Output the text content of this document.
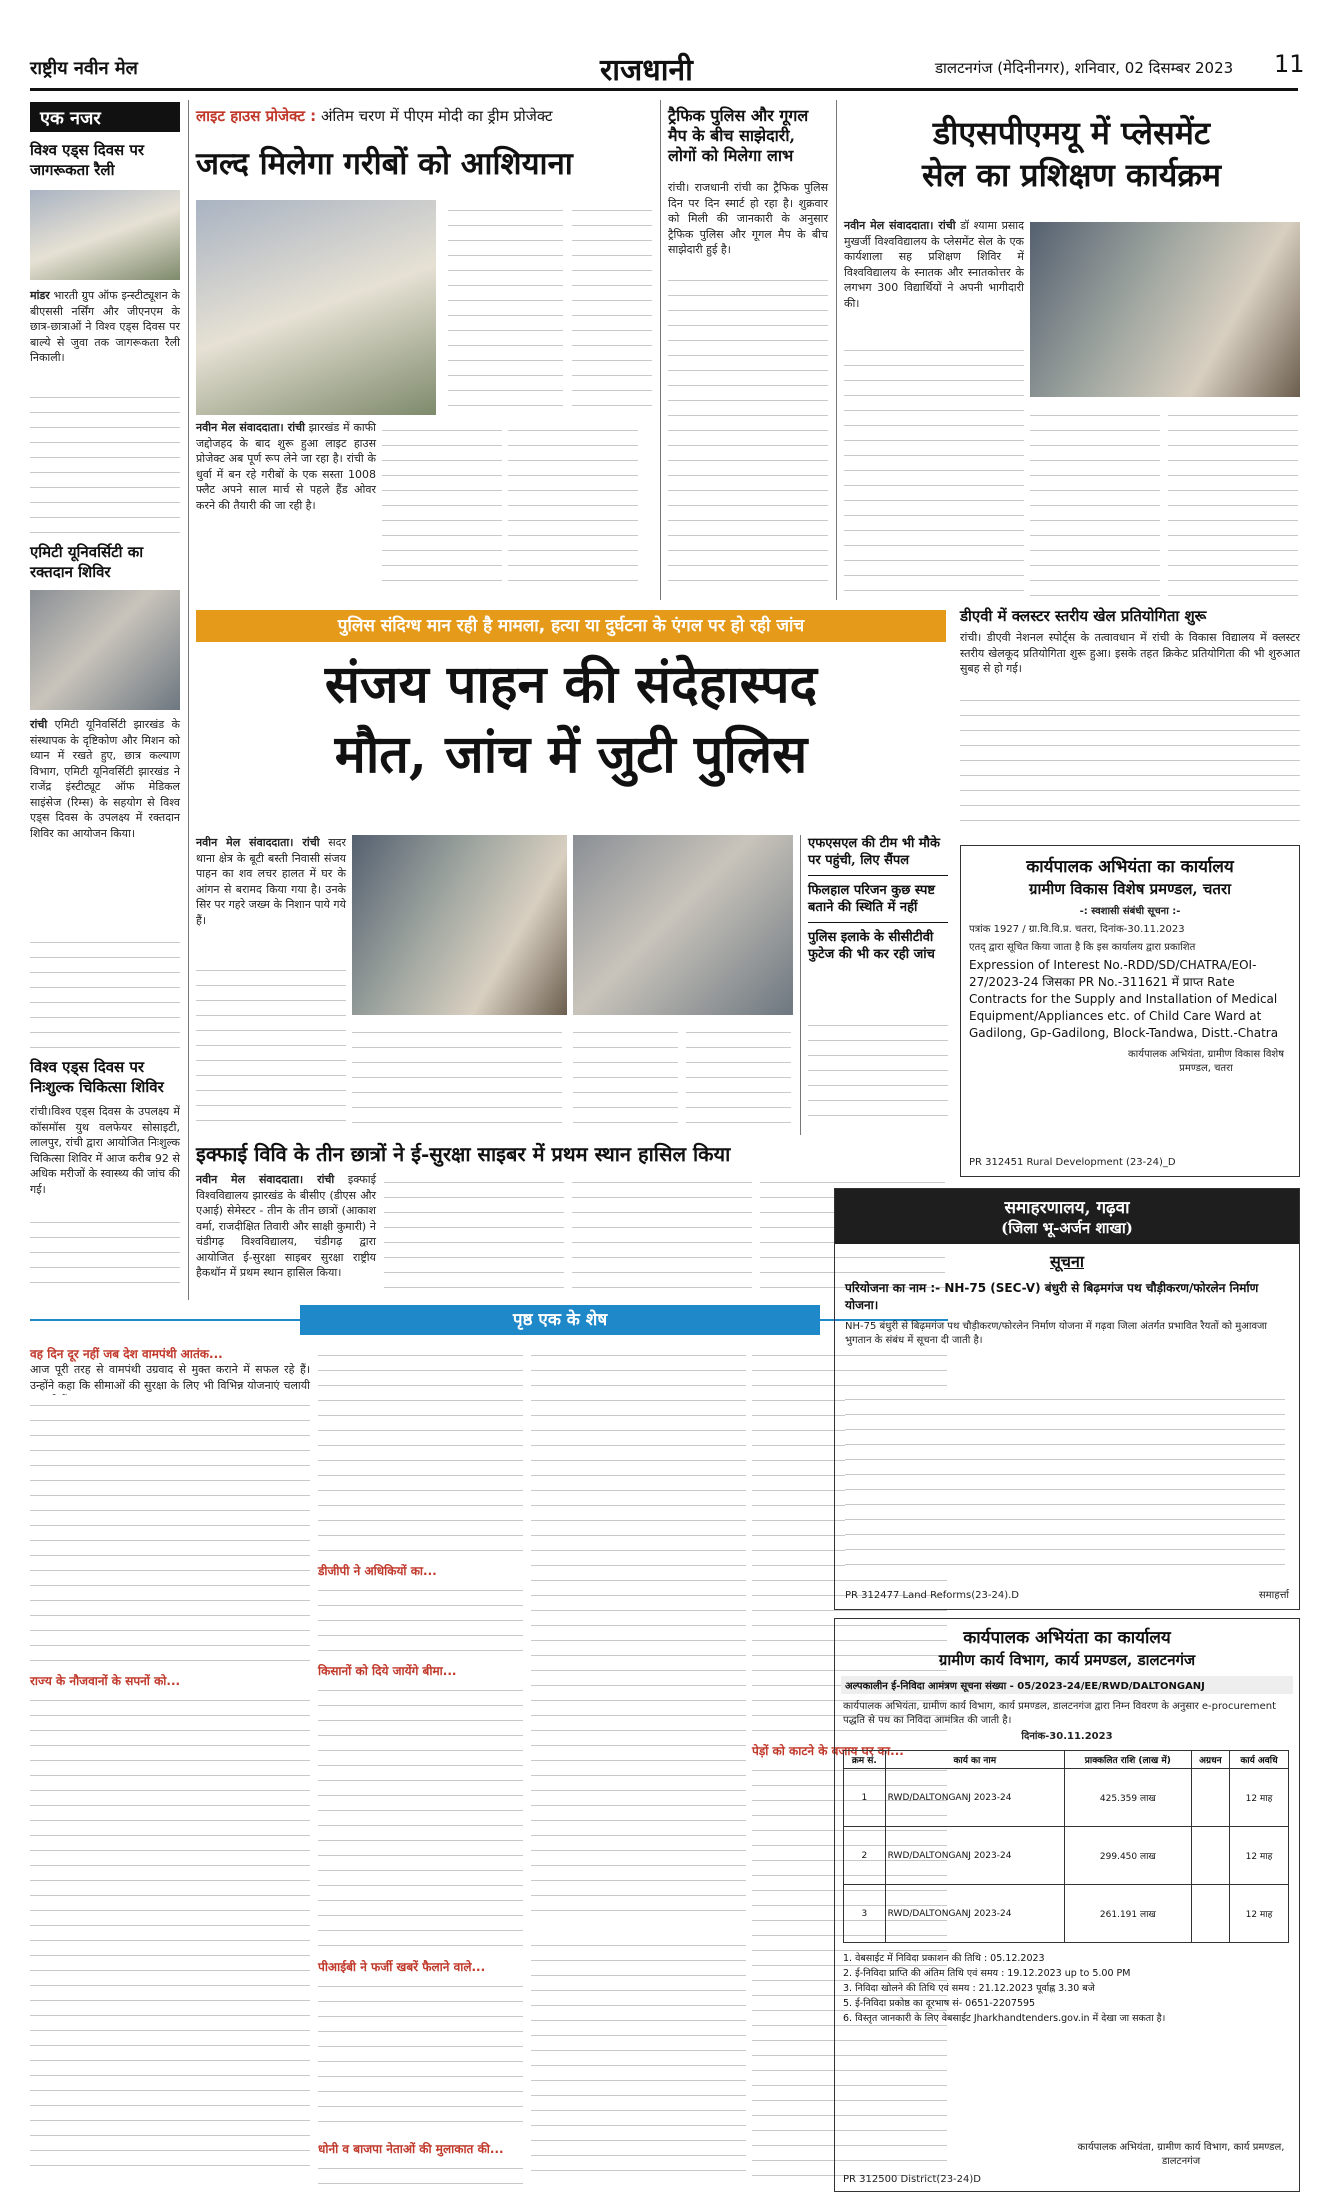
राष्ट्रीय नवीन मेल	राजधानी	डालटनगंज (मेदिनीनगर), शनिवार, 02 दिसम्बर 2023 11
एक नजर
विश्व एड्स दिवस पर जागरूकता रैली
मांडर भारती ग्रुप ऑफ इन्स्टीट्यूशन के बीएससी नर्सिंग और जीएनएम के छात्र-छात्राओं ने विश्व एड्स दिवस पर बाल्ये से जुवा तक जागरूकता रैली निकाली।
एमिटी यूनिवर्सिटी का रक्तदान शिविर
रांची एमिटी यूनिवर्सिटी झारखंड के संस्थापक के दृष्टिकोण और मिशन को ध्यान में रखते हुए, छात्र कल्याण विभाग, एमिटी यूनिवर्सिटी झारखंड ने राजेंद्र इंस्टीट्यूट ऑफ मेडिकल साइंसेज (रिम्स) के सहयोग से विश्व एड्स दिवस के उपलक्ष्य में रक्तदान शिविर का आयोजन किया।
विश्व एड्स दिवस पर निःशुल्क चिकित्सा शिविर
रांची।विश्व एड्स दिवस के उपलक्ष्य में कॉसमॉस युथ वलफेयर सोसाइटी, लालपुर, रांची द्वारा आयोजित निःशुल्क चिकित्सा शिविर में आज करीब 92 से अधिक मरीजों के स्वास्थ्य की जांच की गई।
लाइट हाउस प्रोजेक्ट : अंतिम चरण में पीएम मोदी का ड्रीम प्रोजेक्ट
जल्द मिलेगा गरीबों को आशियाना
नवीन मेल संवाददाता। रांची झारखंड में काफी जद्दोजहद के बाद शुरू हुआ लाइट हाउस प्रोजेक्ट अब पूर्ण रूप लेने जा रहा है। रांची के धुर्वा में बन रहे गरीबों के एक सस्ता 1008 फ्लैट अपने साल मार्च से पहले हैंड ओवर करने की तैयारी की जा रही है।
ट्रैफिक पुलिस और गूगल मैप के बीच साझेदारी, लोगों को मिलेगा लाभ
रांची। राजधानी रांची का ट्रैफिक पुलिस दिन पर दिन स्मार्ट हो रहा है। शुक्रवार को मिली की जानकारी के अनुसार ट्रैफिक पुलिस और गूगल मैप के बीच साझेदारी हुई है।
डीएसपीएमयू में प्लेसमेंट
सेल का प्रशिक्षण कार्यक्रम
नवीन मेल संवाददाता। रांची डॉ श्यामा प्रसाद मुखर्जी विश्वविद्यालय के प्लेसमेंट सेल के एक कार्यशाला सह प्रशिक्षण शिविर में विश्वविद्यालय के स्नातक और स्नातकोत्तर के लगभग 300 विद्यार्थियों ने अपनी भागीदारी की।
डीएवी में क्लस्टर स्तरीय खेल प्रतियोगिता शुरू
रांची। डीएवी नेशनल स्पोर्ट्स के तत्वावधान में रांची के विकास विद्यालय में क्लस्टर स्तरीय खेलकूद प्रतियोगिता शुरू हुआ। इसके तहत क्रिकेट प्रतियोगिता की भी शुरुआत सुबह से हो गई।
पुलिस संदिग्ध मान रही है मामला, हत्या या दुर्घटना के एंगल पर हो रही जांच
संजय पाहन की संदेहास्पद
मौत, जांच में जुटी पुलिस
नवीन मेल संवाददाता। रांची सदर थाना क्षेत्र के बूटी बस्ती निवासी संजय पाहन का शव लचर हालत में घर के आंगन से बरामद किया गया है। उनके सिर पर गहरे जख्म के निशान पाये गये हैं।
एफएसएल की टीम भी मौके पर पहुंची, लिए सैंपल
फिलहाल परिजन कुछ स्पष्ट बताने की स्थिति में नहीं
पुलिस इलाके के सीसीटीवी फुटेज की भी कर रही जांच
कार्यपालक अभियंता का कार्यालय
ग्रामीण विकास विशेष प्रमण्डल, चतरा
-: स्वशासी संबंधी सूचना :-
पत्रांक 1927 / ग्रा.वि.वि.प्र. चतरा, दिनांक-30.11.2023
एतद् द्वारा सूचित किया जाता है कि इस कार्यालय द्वारा प्रकाशित
Expression of Interest No.-RDD/SD/CHATRA/EOI-27/2023-24 जिसका PR No.-311621 में प्राप्त Rate Contracts for the Supply and Installation of Medical Equipment/Appliances etc. of Child Care Ward at Gadilong, Gp-Gadilong, Block-Tandwa, Distt.-Chatra
कार्यपालक अभियंता, ग्रामीण विकास विशेष प्रमण्डल, चतरा
PR 312451 Rural Development (23-24)_D
इक्फाई विवि के तीन छात्रों ने ई-सुरक्षा साइबर में प्रथम स्थान हासिल किया
नवीन मेल संवाददाता। रांची इक्फाई विश्वविद्यालय झारखंड के बीसीए (डीएस और एआई) सेमेस्टर - तीन के तीन छात्रों (आकाश वर्मा, राजदीक्षित तिवारी और साक्षी कुमारी) ने चंडीगढ़ विश्वविद्यालय, चंडीगढ़ द्वारा आयोजित ई-सुरक्षा साइबर सुरक्षा राष्ट्रीय हैकथॉन में प्रथम स्थान हासिल किया।
पृष्ठ एक के शेष
वह दिन दूर नहीं जब देश वामपंथी आतंक...
आज पूरी तरह से वामपंथी उग्रवाद से मुक्त कराने में सफल रहे हैं। उन्होंने कहा कि सीमाओं की सुरक्षा के लिए भी विभिन्न योजनाएं चलायी
राज्य के नौजवानों के सपनों को...
डीजीपी ने अधिकियों का...
किसानों को दिये जायेंगे बीमा...
पीआईबी ने फर्जी खबरें फैलाने वाले...
धोनी व बाजपा नेताओं की मुलाकात की...
पेड़ों को काटने के बजाय घर का...
समाहरणालय, गढ़वा
(जिला भू-अर्जन शाखा)
सूचना
परियोजना का नाम :- NH-75 (SEC-V) बंधुरी से बिढ़मगंज पथ चौड़ीकरण/फोरलेन निर्माण योजना।
NH-75 बंधुरी से बिढ़मगंज पथ चौड़ीकरण/फोरलेन निर्माण योजना में गढ़वा जिला अंतर्गत प्रभावित रैयतों को मुआवजा भुगतान के संबंध में सूचना दी जाती है।
PR 312477 Land Reforms(23-24).D	समाहर्त्ता
कार्यपालक अभियंता का कार्यालय
ग्रामीण कार्य विभाग, कार्य प्रमण्डल, डालटनगंज
अल्पकालीन ई-निविदा आमंत्रण सूचना संख्या - 05/2023-24/EE/RWD/DALTONGANJ
कार्यपालक अभियंता, ग्रामीण कार्य विभाग, कार्य प्रमण्डल, डालटनगंज द्वारा निम्न विवरण के अनुसार e-procurement पद्धति से पथ का निविदा आमंत्रित की जाती है।
दिनांक-30.11.2023
क्रम सं.	कार्य का नाम	प्राक्कलित राशि (लाख में)	अग्रधन	कार्य अवधि
1	RWD/DALTONGANJ 2023-24	425.359 लाख		12 माह
2	RWD/DALTONGANJ 2023-24	299.450 लाख		12 माह
3	RWD/DALTONGANJ 2023-24	261.191 लाख		12 माह
1. वेबसाईट में निविदा प्रकाशन की तिथि : 05.12.2023
2. ई-निविदा प्राप्ति की अंतिम तिथि एवं समय : 19.12.2023 up to 5.00 PM
3. निविदा खोलने की तिथि एवं समय : 21.12.2023 पूर्वाह्न 3.30 बजे
5. ई-निविदा प्रकोष्ठ का दूरभाष सं- 0651-2207595
6. विस्तृत जानकारी के लिए वेबसाईट Jharkhandtenders.gov.in में देखा जा सकता है।
कार्यपालक अभियंता, ग्रामीण कार्य विभाग, कार्य प्रमण्डल, डालटनगंज
PR 312500 District(23-24)D
